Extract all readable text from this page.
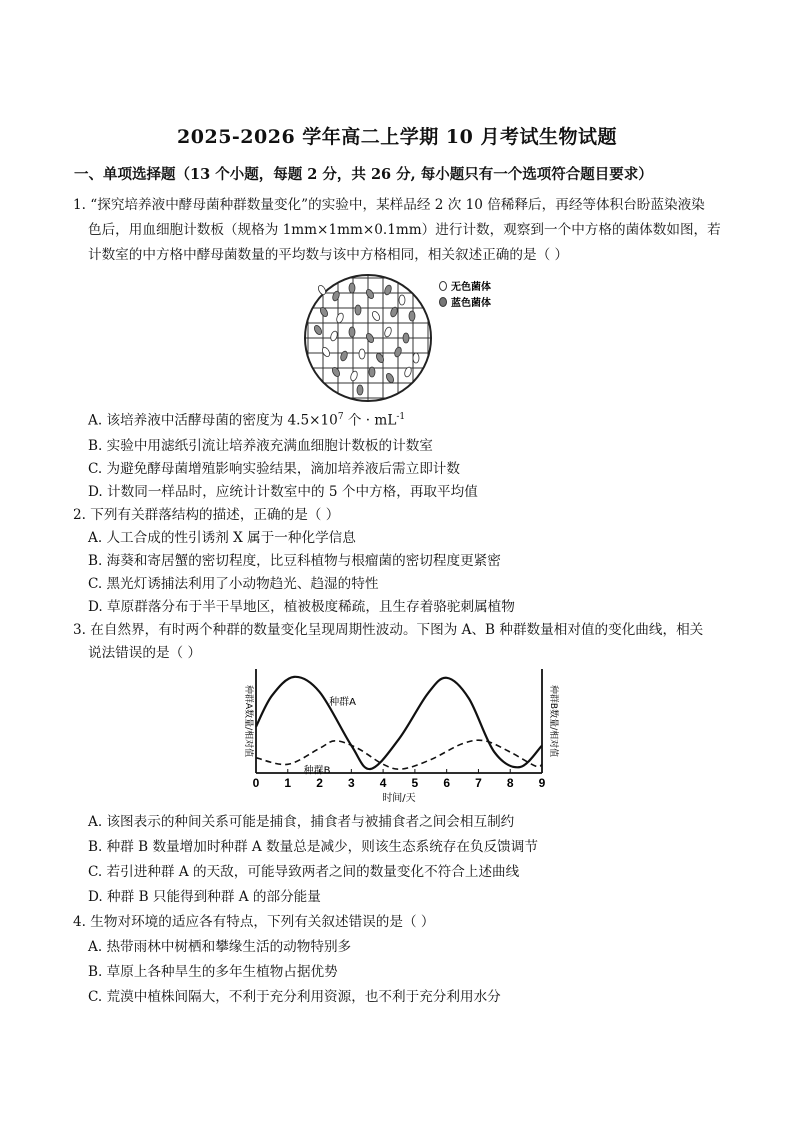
2025-2026 学年高二上学期 10 月考试生物试题
一、单项选择题（13 个小题，每题 2 分，共 26 分, 每小题只有一个选项符合题目要求）
1. “探究培养液中酵母菌种群数量变化”的实验中，某样品经 2 次 10 倍稀释后，再经等体积台盼蓝染液染
色后，用血细胞计数板（规格为 1mm×1mm×0.1mm）进行计数，观察到一个中方格的菌体数如图，若
计数室的中方格中酵母菌数量的平均数与该中方格相同，相关叙述正确的是（ ）
无色菌体
蓝色菌体
A. 该培养液中活酵母菌的密度为 $4.5\times 10^7$ 个 · $mL^{-1}$
B. 实验中用滤纸引流让培养液充满血细胞计数板的计数室
C. 为避免酵母菌增殖影响实验结果，滴加培养液后需立即计数
D. 计数同一样品时，应统计计数室中的 5 个中方格，再取平均值
2. 下列有关群落结构的描述，正确的是（ ）
A. 人工合成的性引诱剂 X 属于一种化学信息
B. 海葵和寄居蟹的密切程度，比豆科植物与根瘤菌的密切程度更紧密
C. 黑光灯诱捕法利用了小动物趋光、趋湿的特性
D. 草原群落分布于半干旱地区，植被极度稀疏，且生存着骆驼刺属植物
3. 在自然界，有时两个种群的数量变化呈现周期性波动。下图为 A、B 种群数量相对值的变化曲线，相关
说法错误的是（ ）
0 1 2 3 4 5 6 7 8 9
时间/天
种群A数量/相对值	种群B数量/相对值
种群A
种群B
A. 该图表示的种间关系可能是捕食，捕食者与被捕食者之间会相互制约
B. 种群 B 数量增加时种群 A 数量总是减少，则该生态系统存在负反馈调节
C. 若引进种群 A 的天敌，可能导致两者之间的数量变化不符合上述曲线
D. 种群 B 只能得到种群 A 的部分能量
4. 生物对环境的适应各有特点，下列有关叙述错误的是（ ）
A. 热带雨林中树栖和攀缘生活的动物特别多
B. 草原上各种旱生的多年生植物占据优势
C. 荒漠中植株间隔大，不利于充分利用资源，也不利于充分利用水分
